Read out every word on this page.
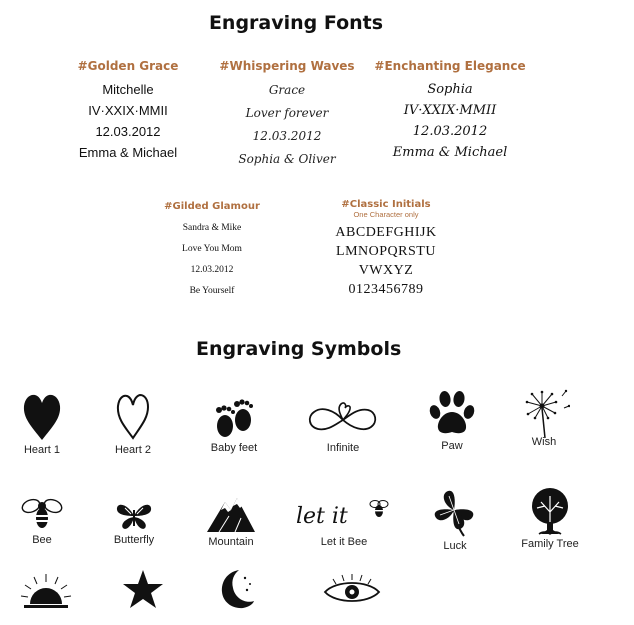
Engraving Fonts
#Golden Grace
Mitchelle
IV·XXIX·MMII
12.03.2012
Emma & Michael
#Whispering Waves
Grace
Lover forever
12.03.2012
Sophia & Oliver
#Enchanting Elegance
Sophia
IV·XXIX·MMII
12.03.2012
Emma & Michael
#Gilded Glamour
Sandra & Mike
Love You Mom
12.03.2012
Be Yourself
#Classic Initials
One Character only
ABCDEFGHIJK
LMNOPQRSTU
VWXYZ
0123456789
Engraving Symbols
Heart 1	Heart 2	Baby feet	Infinite	Paw	Wish
Bee	Butterfly	Mountain
let it
Let it Bee	Luck	Family Tree
